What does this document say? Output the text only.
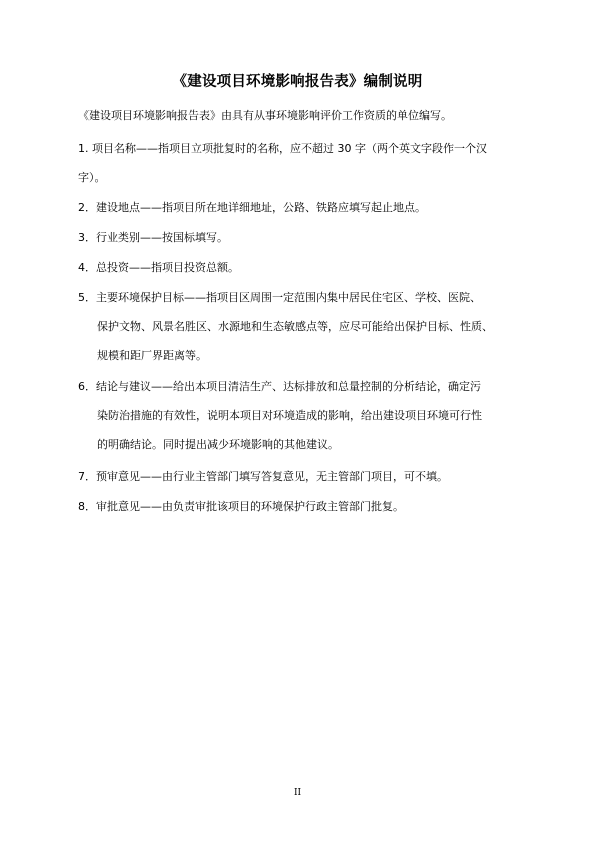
《建设项目环境影响报告表》编制说明
《建设项目环境影响报告表》由具有从事环境影响评价工作资质的单位编写。
1. 项目名称——指项目立项批复时的名称，应不超过 30 字（两个英文字段作一个汉
字）。
2．建设地点——指项目所在地详细地址，公路、铁路应填写起止地点。
3．行业类别——按国标填写。
4．总投资——指项目投资总额。
5．主要环境保护目标——指项目区周围一定范围内集中居民住宅区、学校、医院、
保护文物、风景名胜区、水源地和生态敏感点等，应尽可能给出保护目标、性质、
规模和距厂界距离等。
6．结论与建议——给出本项目清洁生产、达标排放和总量控制的分析结论，确定污
染防治措施的有效性，说明本项目对环境造成的影响，给出建设项目环境可行性
的明确结论。同时提出减少环境影响的其他建议。
7．预审意见——由行业主管部门填写答复意见，无主管部门项目，可不填。
8．审批意见——由负责审批该项目的环境保护行政主管部门批复。
II
